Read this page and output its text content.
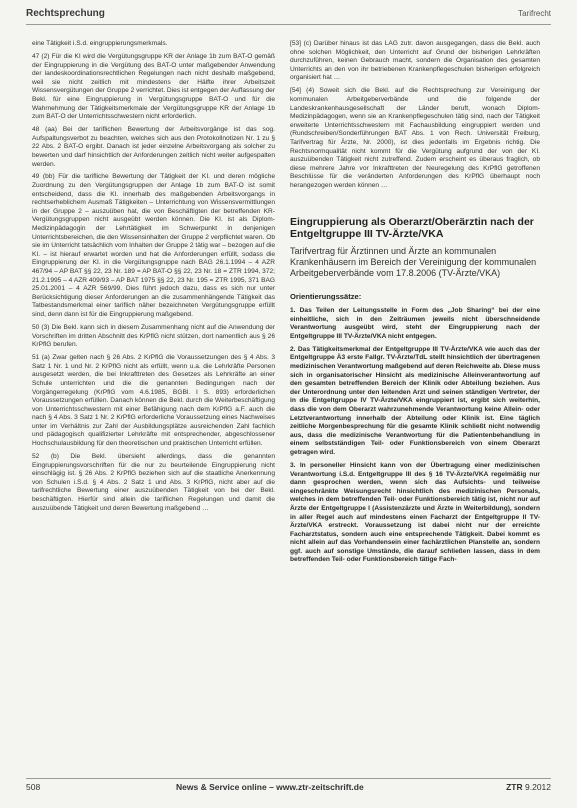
Rechtsprechung	Tarifrecht

eine Tätigkeit i.S.d. eingruppierungsmerkmals.

47 (2) Für die KI wird die Vergütungsgruppe KR der Anlage 1b zum BAT-O gemäß der Eingruppierung in die Vergütung des BAT-O unter maßgebender Anwendung der landeskoordinationsrechtlichen Regelungen nach nicht deshalb maßgebend, weil sie nicht zeitlich mit mindestens der Hälfte ihrer Arbeitszeit Wissensvergütungen der Gruppe 2 verrichtet. Dies ist entgegen der Auffassung der Bekl. für eine Eingruppierung in Vergütungsgruppe BAT-O und für die Wahrnehmung der Tätigkeitsmerkmale der Vergütungsgruppe KR der Anlage 1b zum BAT-O der Unterrichtsschwestern nicht erforderlich.

48 (aa) Bei der tariflichen Bewertung der Arbeitsvorgänge ist das sog. Aufspaltungsverbot zu beachten, welches sich aus den Protokollnotizen Nr. 1 zu § 22 Abs. 2 BAT-O ergibt. Danach ist jeder einzelne Arbeitsvorgang als solcher zu bewerten und darf hinsichtlich der Anforderungen zeitlich nicht weiter aufgespalten werden.

49 (bb) Für die tarifliche Bewertung der Tätigkeit der KI. und deren mögliche Zuordnung zu den Vergütungsgruppen der Anlage 1b zum BAT-O ist somit entscheidend, dass die KI. innerhalb des maßgebenden Arbeitsvorgangs in rechtserheblichem Ausmaß Tätigkeiten – Unterrichtung von Wissensvermittlungen in der Gruppe 2 – auszuüben hat, die von Beschäftigten der betreffenden KR-Vergütungsgruppen nicht ausgeübt werden können. Die KI. ist als Diplom-Medizinpädagogin der Lehrtätigkeit im Schwerpunkt in denjenigen Unterrichtsbereichen, die den Wissensinhalten der Gruppe 2 verpflichtet waren. Ob sie im Unterricht tatsächlich vom Inhalten der Gruppe 2 tätig war – bezogen auf die KI. – ist hierauf erwartet worden und hat die Anforderungen erfüllt, sodass die Eingruppierung der KI. in die Vergütungsgruppe nach BAG 26.1.1994 – 4 AZR 467/94 – AP BAT §§ 22, 23 Nr. 189 = AP BAT-O §§ 22, 23 Nr. 18 = ZTR 1994, 372; 21.2.1995 – 4 AZR 409/93 – AP BAT 1975 §§ 22, 23 Nr. 195 = ZTR 1995, 371 BAG 25.01.2001 – 4 AZR 569/99. Dies führt jedoch dazu, dass es sich nur unter Berücksichtigung dieser Anforderungen an die zusammenhängende Tätigkeit das Tatbestandsmerkmal einer tariflich näher bezeichneten Vergütungsgruppe erfüllt sind, denn dann ist für die Eingruppierung maßgebend.

50 (3) Die Bekl. kann sich in diesem Zusammenhang nicht auf die Anwendung der Vorschriften im dritten Abschnitt des KrPflG nicht stützen, dort namentlich aus § 26 KrPflG berufen.

51 (a) Zwar gelten nach § 26 Abs. 2 KrPflG die Voraussetzungen des § 4 Abs. 3 Satz 1 Nr. 1 und Nr. 2 KrPflG nicht als erfüllt, wenn u.a. die Lehrkräfte Personen ausgesetzt werden, die bei Inkrafttreten des Gesetzes als Lehrkräfte an einer Schule unterrichten und die die genannten Bedingungen nach der Vorgängerregelung (KrPflG vom 4.6.1985, BGBl. I S. 893) erforderlichen Voraussetzungen erfüllen. Danach können die Bekl. durch die Weiterbeschäftigung von Unterrichtsschwestern mit einer Befähigung nach dem KrPflG a.F. auch die nach § 4 Abs. 3 Satz 1 Nr. 2 KrPflG erforderliche Voraussetzung eines Nachweises unter im Verhältnis zur Zahl der Ausbildungsplätze ausreichenden Zahl fachlich und pädagogisch qualifizierter Lehrkräfte mit entsprechender, abgeschlossener Hochschulausbildung für den theoretischen und praktischen Unterricht erfüllen.

52 (b) Die Bekl. übersieht allerdings, dass die genannten Eingruppierungsvorschriften für die nur zu beurteilende Eingruppierung nicht einschlägig ist. § 26 Abs. 2 KrPflG beziehen sich auf die staatliche Anerkennung von Schulen i.S.d. § 4 Abs. 2 Satz 1 und Abs. 3 KrPflG, nicht aber auf die tarifrechtliche Bewertung einer auszuübenden Tätigkeit von bei der Bekl. beschäftigten. Hierfür sind allein die tariflichen Regelungen und damit die auszuübende Tätigkeit und deren Bewertung maßgebend …

[53] (c) Darüber hinaus ist das LAG zutr. davon ausgegangen, dass die Bekl. auch ohne solchen Möglichkeit, den Unterricht auf Grund der bisherigen Lehrkräften durchzuführen, keinen Gebrauch macht, sondern die Organisation des gesamten Unterrichts an den von ihr betriebenen Krankenpflegeschulen bisherigen erfolgreich organisiert hat …

[54] (4) Soweit sich die Bekl. auf die Rechtsprechung zur Vereinigung der kommunalen Arbeitgeberverbände und die folgende der Landeskrankenhausgesellschaft der Länder beruft, wonach Diplom-Medizinpädagogen, wenn sie an Krankenpflegeschulen tätig sind, nach der Tätigkeit erweiterte Unterrichtsschwestern mit Fachausbildung eingruppiert werden und (Rundschreiben/Sonderführungen BAT Abs. 1 von Rech. Universität Freiburg, Tarifvertrag für Ärzte, Nr. 2000), ist dies jedenfalls im Ergebnis richtig. Die Rechtsnormqualität nicht kommt für die Vergütung aufgrund der von der KI. auszuübenden Tätigkeit nicht zutreffend. Zudem erscheint es überaus fraglich, ob diese mehrere Jahre vor Inkrafttreten der Neuregelung des KrPflG getroffenen Beschlüsse für die veränderten Anforderungen des KrPflG überhaupt noch herangezogen werden können …

Eingruppierung als Oberarzt/Oberärztin nach der Entgeltgruppe III TV-Ärzte/VKA
Tarifvertrag für Ärztinnen und Ärzte an kommunalen Krankenhäusern im Bereich der Vereinigung der kommunalen Arbeitgeberverbände vom 17.8.2006 (TV-Ärzte/VKA)
Orientierungssätze:

1. Das Teilen der Leitungsstelle in Form des „Job Sharing“ bei der eine einheitliche, sich in den Zeiträumen jeweils nicht überschneidende Verantwortung ausgeübt wird, steht der Eingruppierung nach der Entgeltgruppe III TV-Ärzte/VKA nicht entgegen.

2. Das Tätigkeitsmerkmal der Entgeltgruppe III TV-Ärzte/VKA wie auch das der Entgeltgruppe Ä3 erste Fallgr. TV-Ärzte/TdL stellt hinsichtlich der übertragenen medizinischen Verantwortung maßgebend auf deren Reichweite ab. Diese muss sich in organisatorischer Hinsicht als medizinische Alleinverantwortung auf den gesamten betreffenden Bereich der Klinik oder Abteilung beziehen. Aus der Unterordnung unter den leitenden Arzt und seinen ständigen Vertreter, der in die Entgeltgruppe IV TV-Ärzte/VKA eingruppiert ist, ergibt sich weiterhin, dass die von dem Oberarzt wahrzunehmende Verantwortung keine Allein- oder Letztverantwortung innerhalb der Abteilung oder Klinik ist. Eine täglich zeitliche Morgenbesprechung für die gesamte Klinik schließt nicht notwendig aus, dass die medizinische Verantwortung für die Patientenbehandlung in einem selbstständigen Teil- oder Funktionsbereich von einem Oberarzt getragen wird.

3. In personeller Hinsicht kann von der Übertragung einer medizinischen Verantwortung i.S.d. Entgeltgruppe III des § 16 TV-Ärzte/VKA regelmäßig nur dann gesprochen werden, wenn sich das Aufsichts- und teilweise eingeschränkte Weisungsrecht hinsichtlich des medizinischen Personals, welches in dem betreffenden Teil- oder Funktionsbereich tätig ist, nicht nur auf Ärzte der Entgeltgruppe I (Assistenzärzte und Ärzte in Weiterbildung), sondern in aller Regel auch auf mindestens einen Facharzt der Entgeltgruppe II TV-Ärzte/VKA erstreckt. Voraussetzung ist dabei nicht nur der erreichte Facharztstatus, sondern auch eine entsprechende Tätigkeit. Dabei kommt es nicht allein auf das Vorhandensein einer fachärztlichen Planstelle an, sondern ggf. auch auf sonstige Umstände, die darauf schließen lassen, dass in dem betreffenden Teil- oder Funktionsbereich tätige Fach-

508	News & Service online – www.ztr-zeitschrift.de	ZTR 9.2012
